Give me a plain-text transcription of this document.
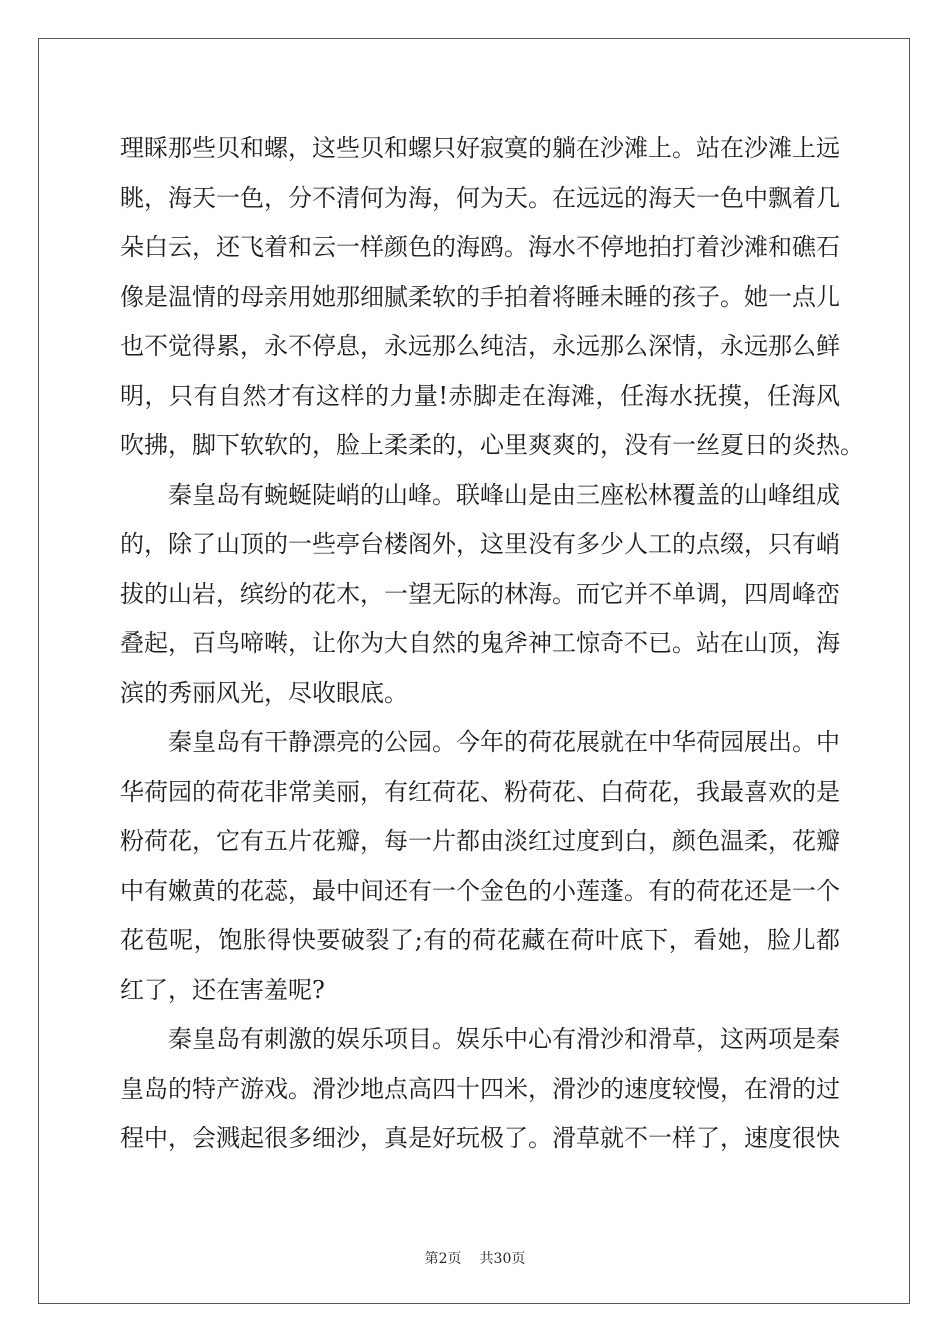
理睬那些贝和螺，这些贝和螺只好寂寞的躺在沙滩上。站在沙滩上远
眺，海天一色，分不清何为海，何为天。在远远的海天一色中飘着几
朵白云，还飞着和云一样颜色的海鸥。海水不停地拍打着沙滩和礁石
像是温情的母亲用她那细腻柔软的手拍着将睡未睡的孩子。她一点儿
也不觉得累，永不停息，永远那么纯洁，永远那么深情，永远那么鲜
明，只有自然才有这样的力量!赤脚走在海滩，任海水抚摸，任海风
吹拂，脚下软软的，脸上柔柔的，心里爽爽的，没有一丝夏日的炎热。
　　秦皇岛有蜿蜒陡峭的山峰。联峰山是由三座松林覆盖的山峰组成
的，除了山顶的一些亭台楼阁外，这里没有多少人工的点缀，只有峭
拔的山岩，缤纷的花木，一望无际的林海。而它并不单调，四周峰峦
叠起，百鸟啼啭，让你为大自然的鬼斧神工惊奇不已。站在山顶，海
滨的秀丽风光，尽收眼底。
　　秦皇岛有干静漂亮的公园。今年的荷花展就在中华荷园展出。中
华荷园的荷花非常美丽，有红荷花、粉荷花、白荷花，我最喜欢的是
粉荷花，它有五片花瓣，每一片都由淡红过度到白，颜色温柔，花瓣
中有嫩黄的花蕊，最中间还有一个金色的小莲蓬。有的荷花还是一个
花苞呢，饱胀得快要破裂了;有的荷花藏在荷叶底下，看她，脸儿都
红了，还在害羞呢?
　　秦皇岛有刺激的娱乐项目。娱乐中心有滑沙和滑草，这两项是秦
皇岛的特产游戏。滑沙地点高四十四米，滑沙的速度较慢，在滑的过
程中，会溅起很多细沙，真是好玩极了。滑草就不一样了，速度很快
第2页 共30页
